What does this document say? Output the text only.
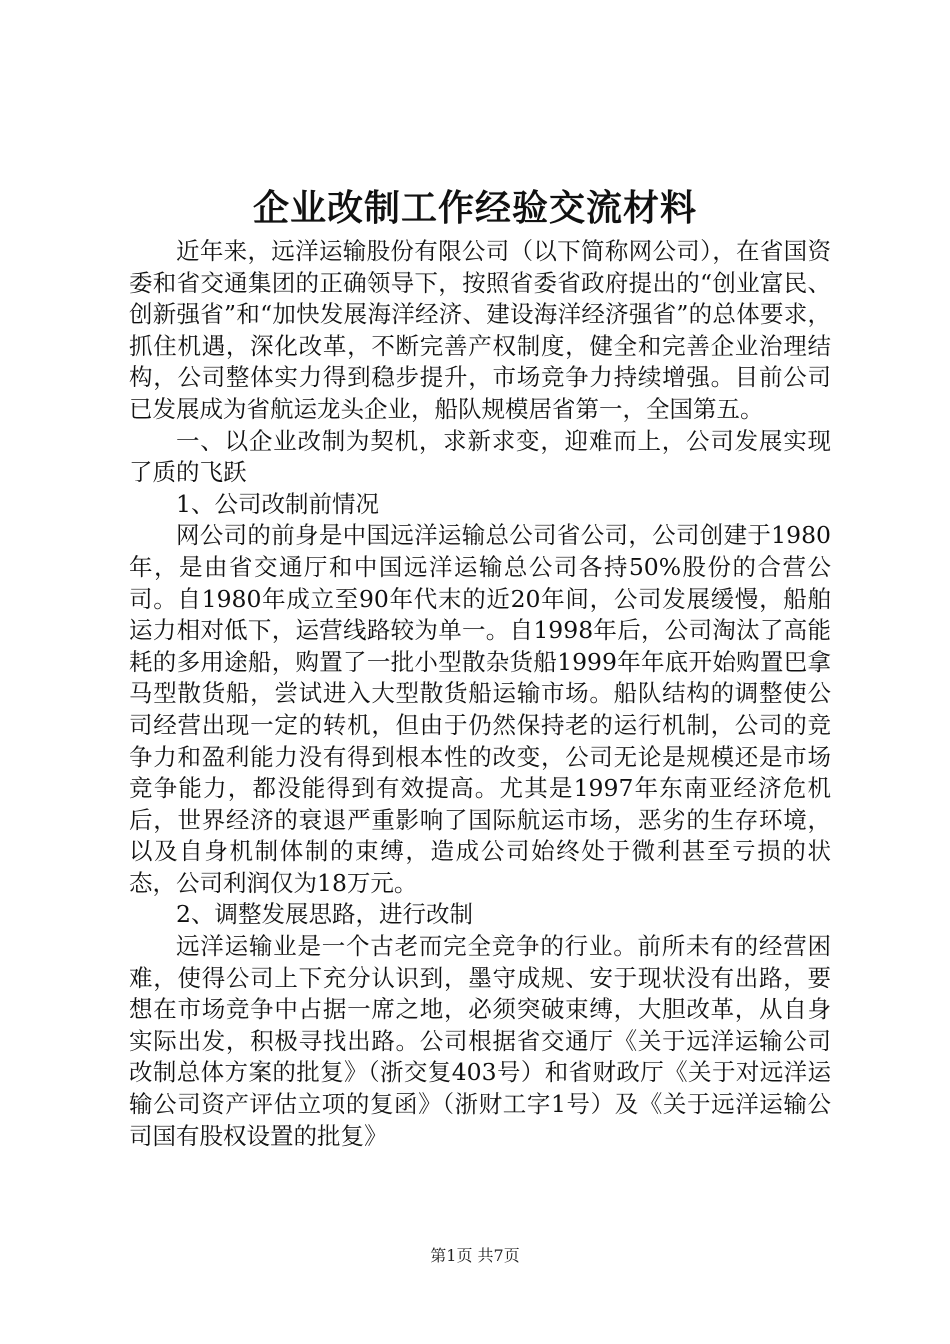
企业改制工作经验交流材料

近年来，远洋运输股份有限公司（以下简称网公司），在省国资委和省交通集团的正确领导下，按照省委省政府提出的“创业富民、创新强省”和“加快发展海洋经济、建设海洋经济强省”的总体要求，抓住机遇，深化改革，不断完善产权制度，健全和完善企业治理结构，公司整体实力得到稳步提升，市场竞争力持续增强。目前公司已发展成为省航运龙头企业，船队规模居省第一，全国第五。

一、以企业改制为契机，求新求变，迎难而上，公司发展实现了质的飞跃

1、公司改制前情况

网公司的前身是中国远洋运输总公司省公司，公司创建于1980年，是由省交通厅和中国远洋运输总公司各持50%股份的合营公司。自1980年成立至90年代末的近20年间，公司发展缓慢，船舶运力相对低下，运营线路较为单一。自1998年后，公司淘汰了高能耗的多用途船，购置了一批小型散杂货船1999年年底开始购置巴拿马型散货船，尝试进入大型散货船运输市场。船队结构的调整使公司经营出现一定的转机，但由于仍然保持老的运行机制，公司的竞争力和盈利能力没有得到根本性的改变，公司无论是规模还是市场竞争能力，都没能得到有效提高。尤其是1997年东南亚经济危机后，世界经济的衰退严重影响了国际航运市场，恶劣的生存环境，以及自身机制体制的束缚，造成公司始终处于微利甚至亏损的状态，公司利润仅为18万元。

2、调整发展思路，进行改制

远洋运输业是一个古老而完全竞争的行业。前所未有的经营困难，使得公司上下充分认识到，墨守成规、安于现状没有出路，要想在市场竞争中占据一席之地，必须突破束缚，大胆改革，从自身实际出发，积极寻找出路。公司根据省交通厅《关于远洋运输公司改制总体方案的批复》（浙交复403号）和省财政厅《关于对远洋运输公司资产评估立项的复函》（浙财工字1号）及《关于远洋运输公司国有股权设置的批复》

第1页 共7页
